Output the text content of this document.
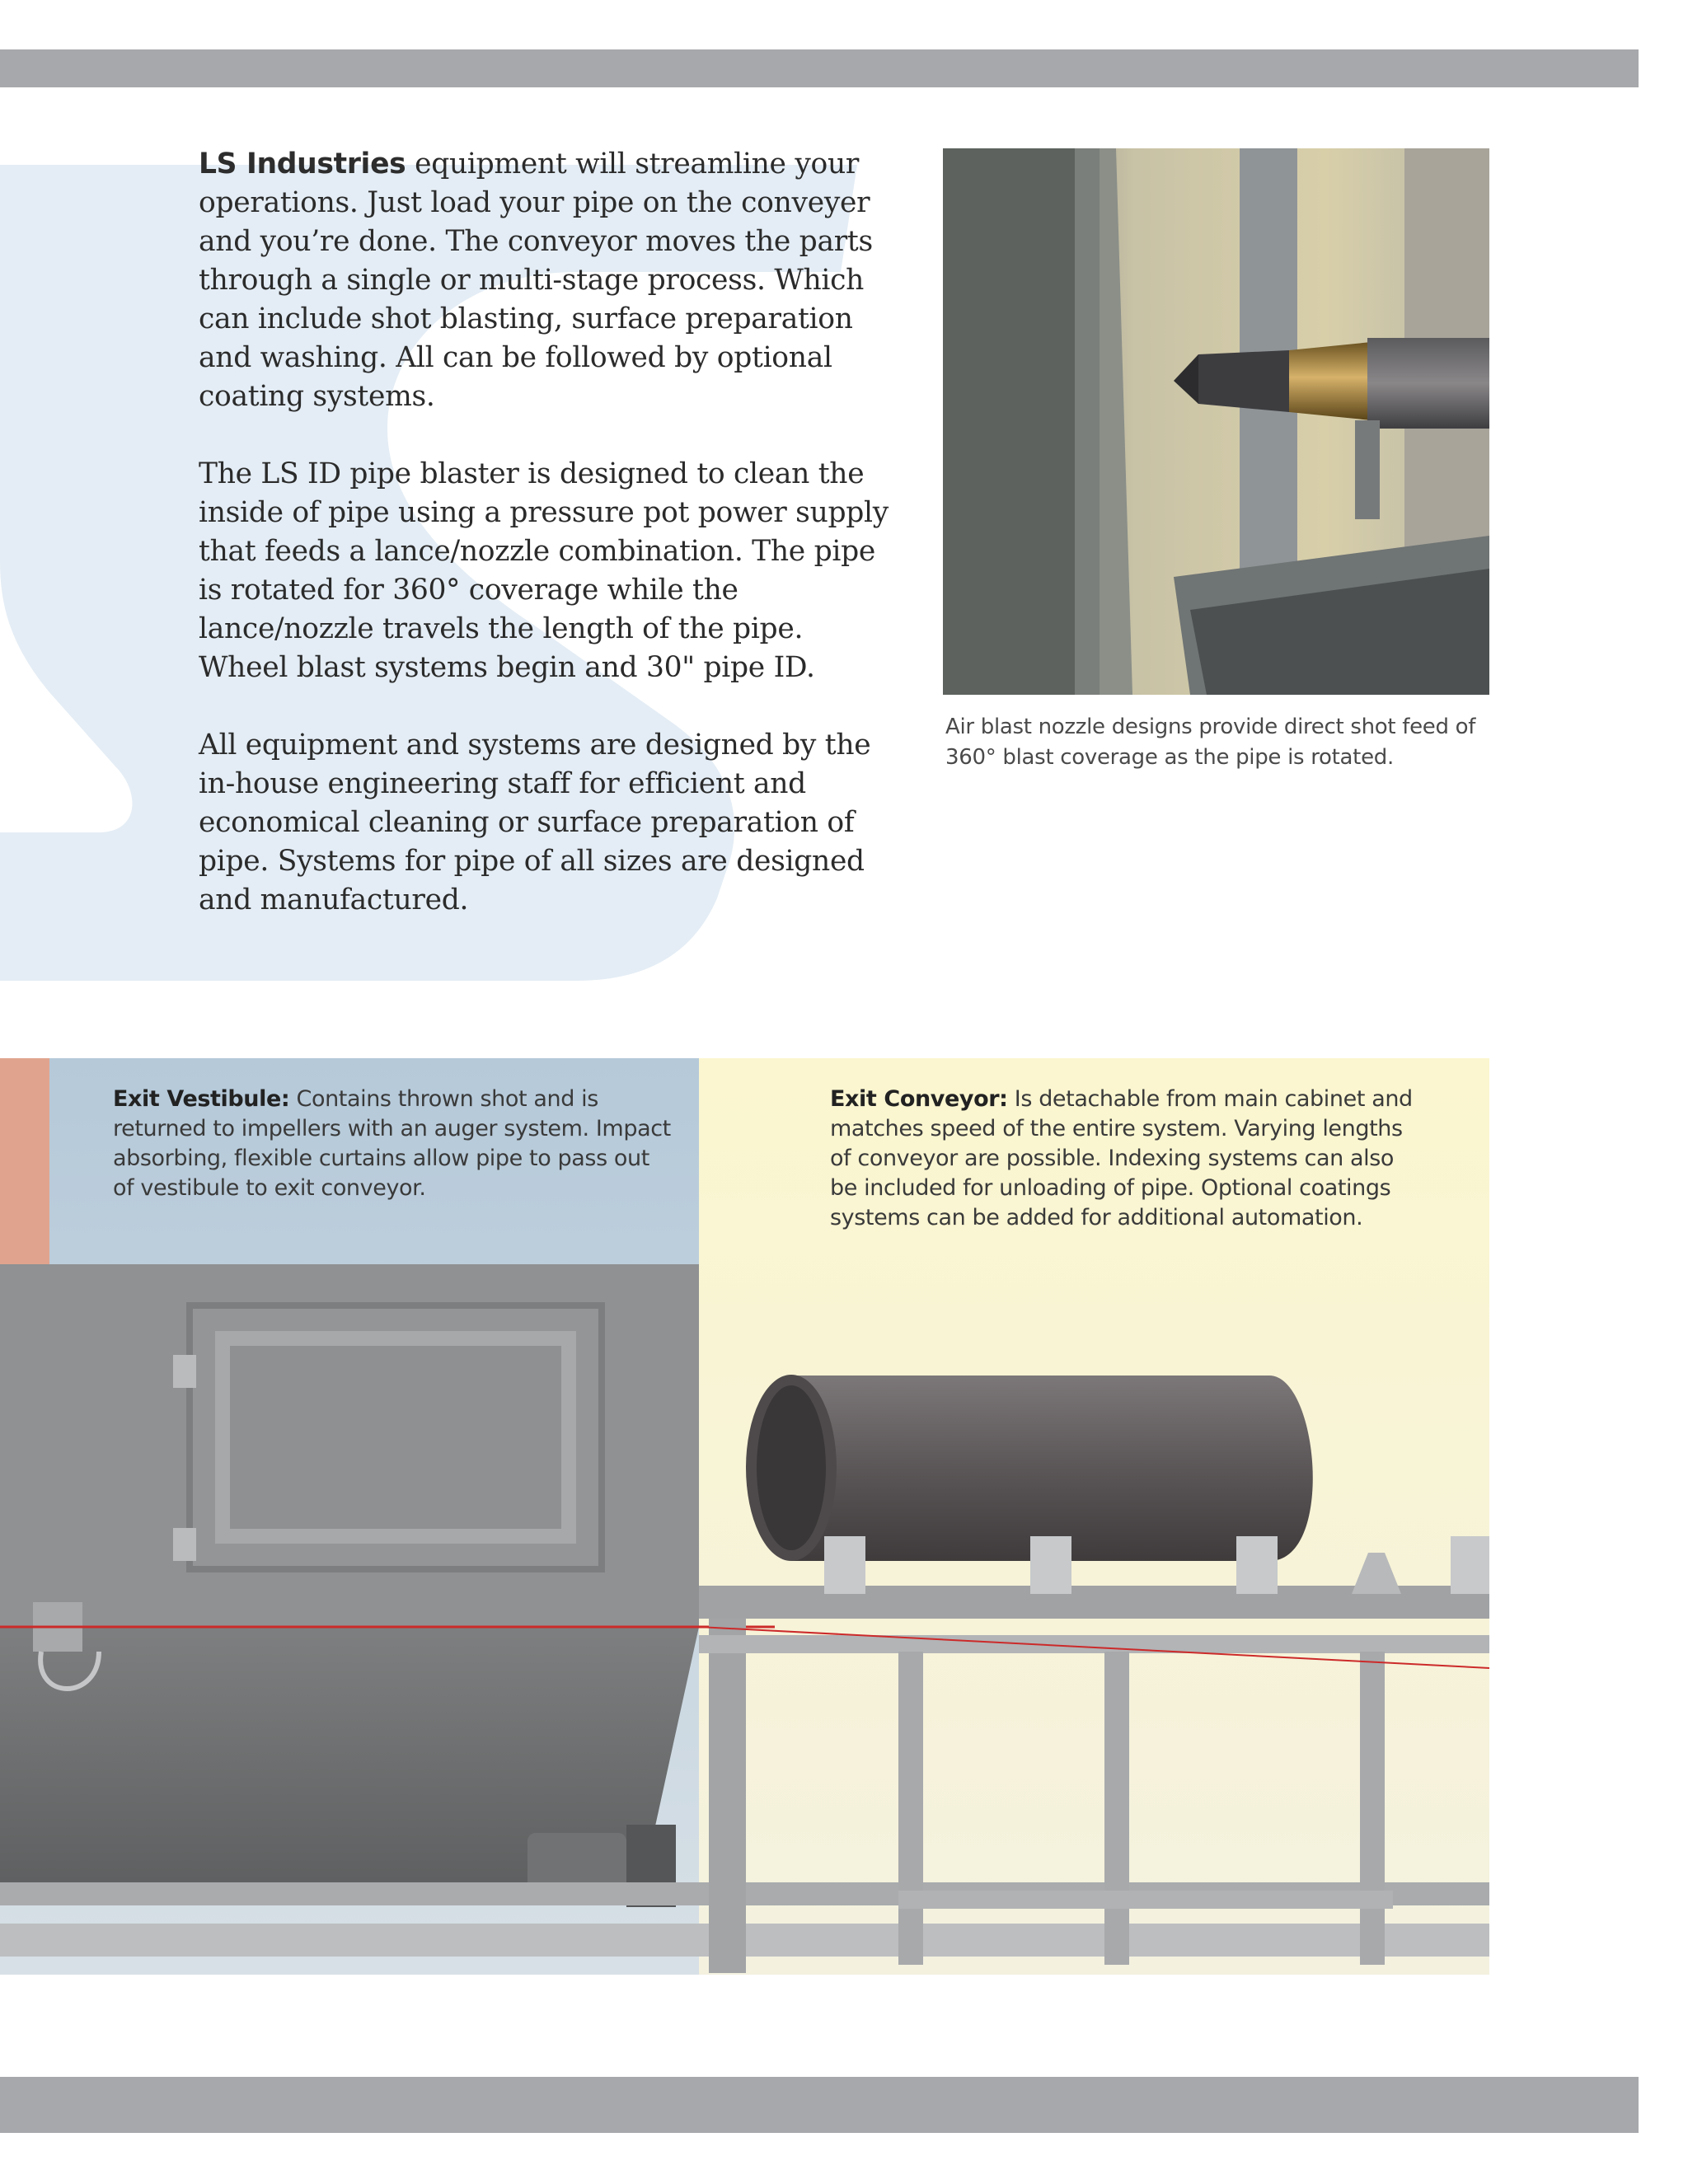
LS Industries equipment will streamline your operations. Just load your pipe on the conveyer and you’re done. The conveyor moves the parts through a single or multi-stage process. Which can include shot blasting, surface preparation and washing. All can be followed by optional coating systems.

The LS ID pipe blaster is designed to clean the inside of pipe using a pressure pot power supply that feeds a lance/nozzle combination. The pipe is rotated for 360° coverage while the lance/nozzle travels the length of the pipe. Wheel blast systems begin and 30" pipe ID.

All equipment and systems are designed by the in-house engineering staff for efficient and economical cleaning or surface preparation of pipe. Systems for pipe of all sizes are designed and manufactured.

Air blast nozzle designs provide direct shot feed of 360° blast coverage as the pipe is rotated.
Exit Vestibule: Contains thrown shot and is returned to impellers with an auger system. Impact absorbing, flexible curtains allow pipe to pass out of vestibule to exit conveyor.
Exit Conveyor: Is detachable from main cabinet and matches speed of the entire system. Varying lengths of conveyor are possible. Indexing systems can also be included for unloading of pipe. Optional coatings systems can be added for additional automation.
